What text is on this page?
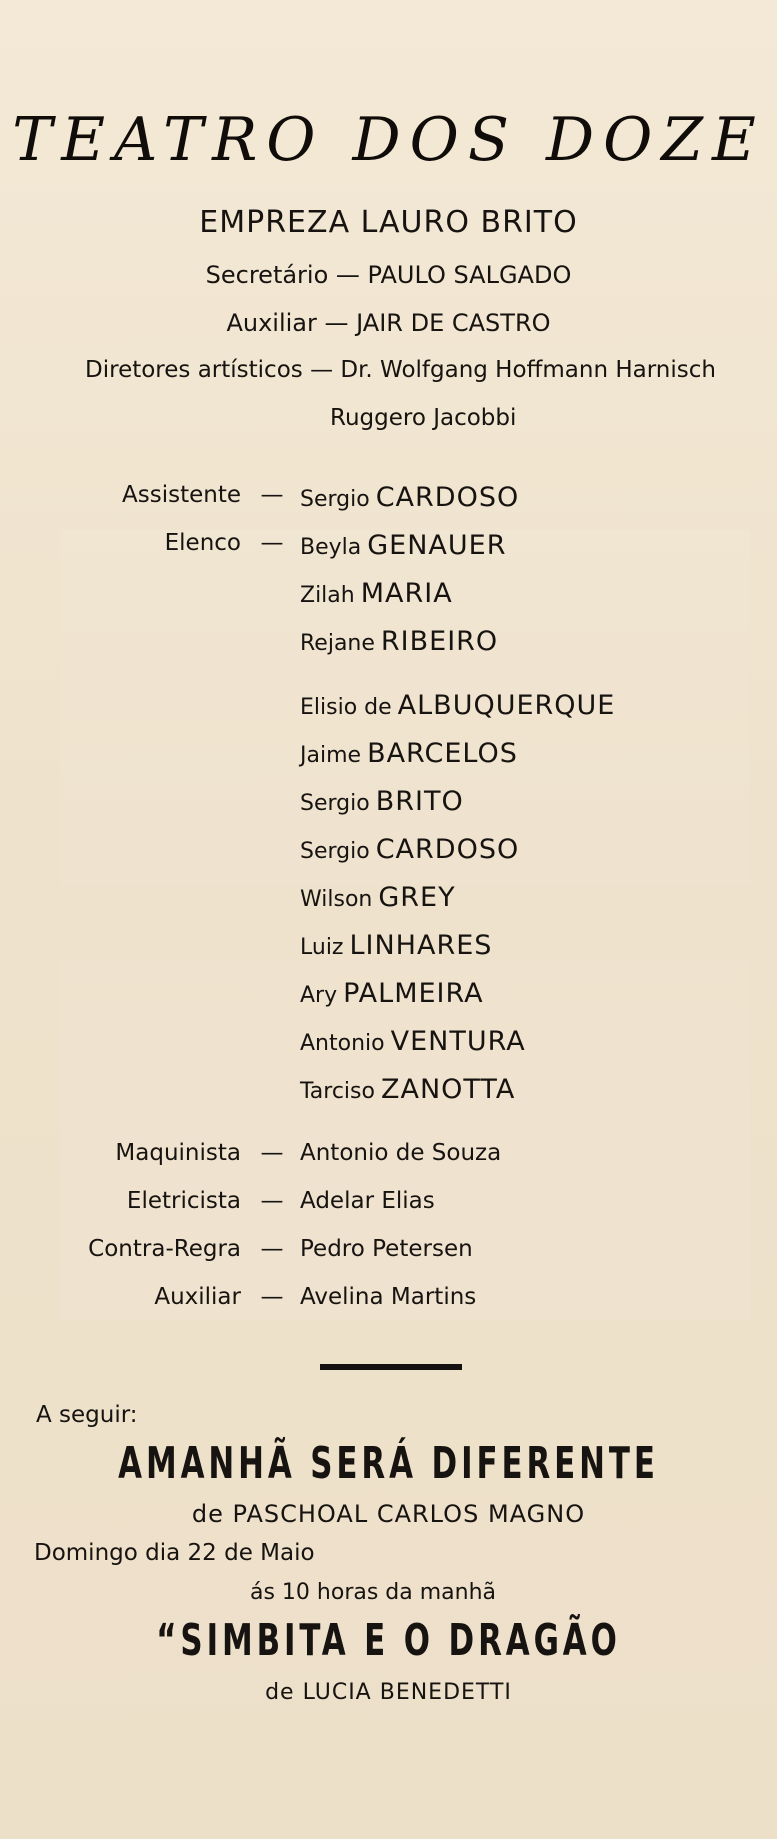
TEATRO DOS DOZE
EMPREZA LAURO BRITO
Secretário — PAULO SALGADO
Auxiliar — JAIR DE CASTRO
Diretores artísticos — Dr. Wolfgang Hoffmann Harnisch
Ruggero Jacobbi
Assistente — Sergio CARDOSO
Elenco — Beyla GENAUER
Zilah MARIA
Rejane RIBEIRO
Elisio de ALBUQUERQUE
Jaime BARCELOS
Sergio BRITO
Sergio CARDOSO
Wilson GREY
Luiz LINHARES
Ary PALMEIRA
Antonio VENTURA
Tarciso ZANOTTA
Maquinista — Antonio de Souza
Eletricista — Adelar Elias
Contra-Regra — Pedro Petersen
Auxiliar — Avelina Martins
A seguir:
AMANHÃ SERÁ DIFERENTE
de PASCHOAL CARLOS MAGNO
Domingo dia 22 de Maio
ás 10 horas da manhã
“SIMBITA E O DRAGÃO
de LUCIA BENEDETTI
